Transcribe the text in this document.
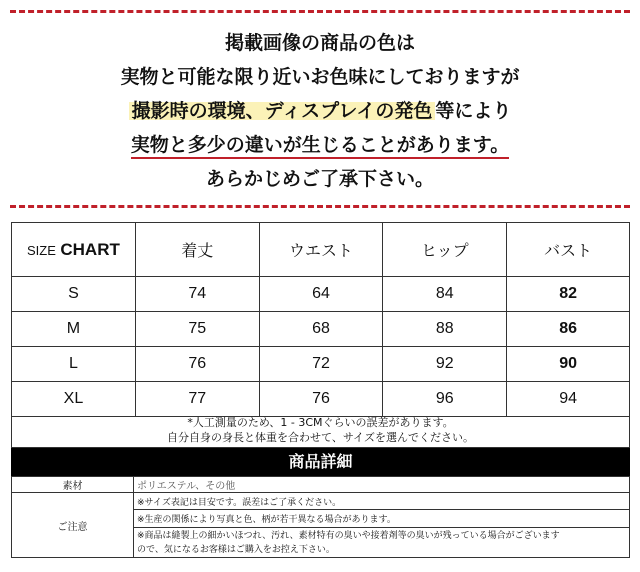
掲載画像の商品の色は
実物と可能な限り近いお色味にしておりますが
撮影時の環境、ディスプレイの発色 等により
実物と多少の違いが生じることがあります。
あらかじめご了承下さい。
SIZE CHART	着丈	ウエスト	ヒップ	バスト
S	74	64	84	82
M	75	68	88	86
L	76	72	92	90
XL	77	76	96	94
*人工測量のため、1 - 3CMぐらいの誤差があります。
自分自身の身長と体重を合わせて、サイズを選んでください。
商品詳細
素材	ポリエステル、その他
ご注意	※サイズ表記は目安です。誤差はご了承ください。
	※生産の関係により写真と色、柄が若干異なる場合があります。

	※商品は縫製上の細かいほつれ、汚れ、素材特有の臭いや接着剤等の臭いが残っている場合がございます
ので、気になるお客様はご購入をお控え下さい。
